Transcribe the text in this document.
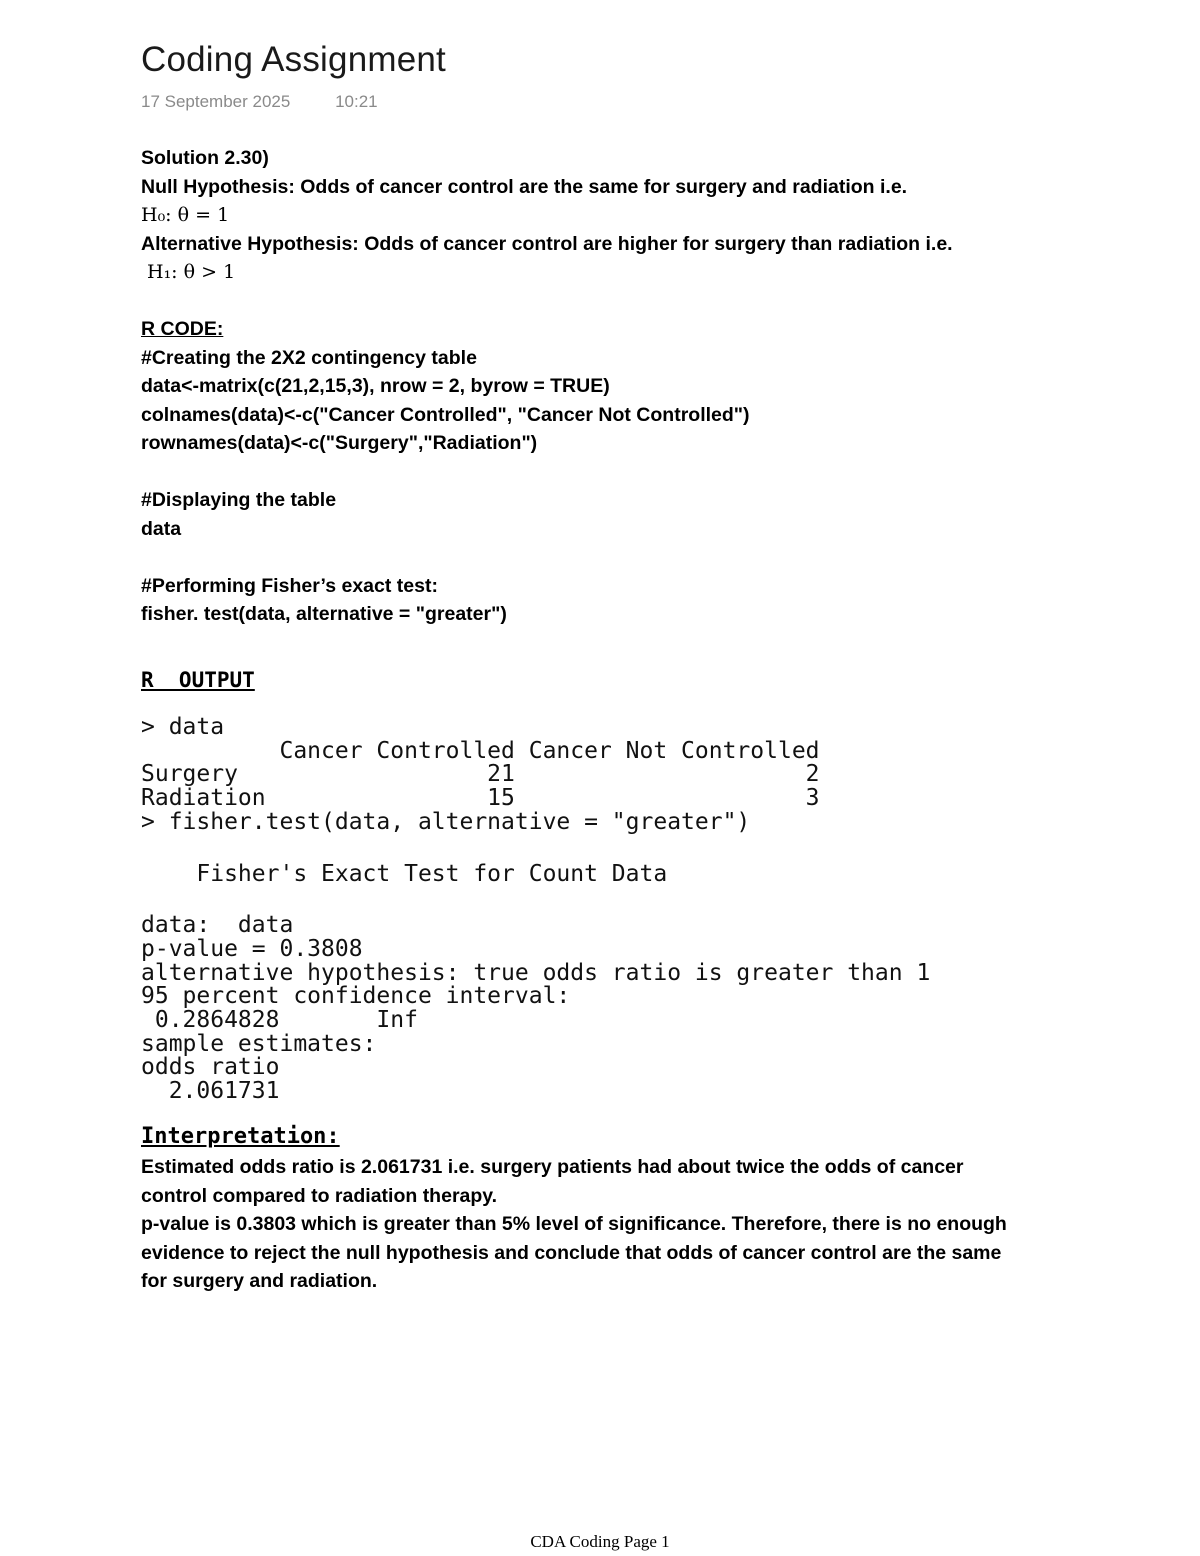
Coding Assignment
17 September 2025	10:21
Solution 2.30)
Null Hypothesis: Odds of cancer control are the same for surgery and radiation i.e.
H₀: θ = 1
Alternative Hypothesis: Odds of cancer control are higher for surgery than radiation i.e.
H₁: θ > 1
R CODE:
#Creating the 2X2 contingency table
data<-matrix(c(21,2,15,3), nrow = 2, byrow = TRUE)
colnames(data)<-c("Cancer Controlled", "Cancer Not Controlled")
rownames(data)<-c("Surgery","Radiation")
#Displaying the table
data
#Performing Fisher’s exact test:
fisher. test(data, alternative = "greater")
R  OUTPUT
> data
Cancer Controlled Cancer Not Controlled
Surgery                  21                     2
Radiation                15                     3
> fisher.test(data, alternative = "greater")
Fisher's Exact Test for Count Data
data:  data
p-value = 0.3808
alternative hypothesis: true odds ratio is greater than 1
95 percent confidence interval:
0.2864828       Inf
sample estimates:
odds ratio
2.061731
Interpretation:
Estimated odds ratio is 2.061731 i.e. surgery patients had about twice the odds of cancer
control compared to radiation therapy.
p-value is 0.3803 which is greater than 5% level of significance. Therefore, there is no enough
evidence to reject the null hypothesis and conclude that odds of cancer control are the same
for surgery and radiation.
CDA Coding Page 1
